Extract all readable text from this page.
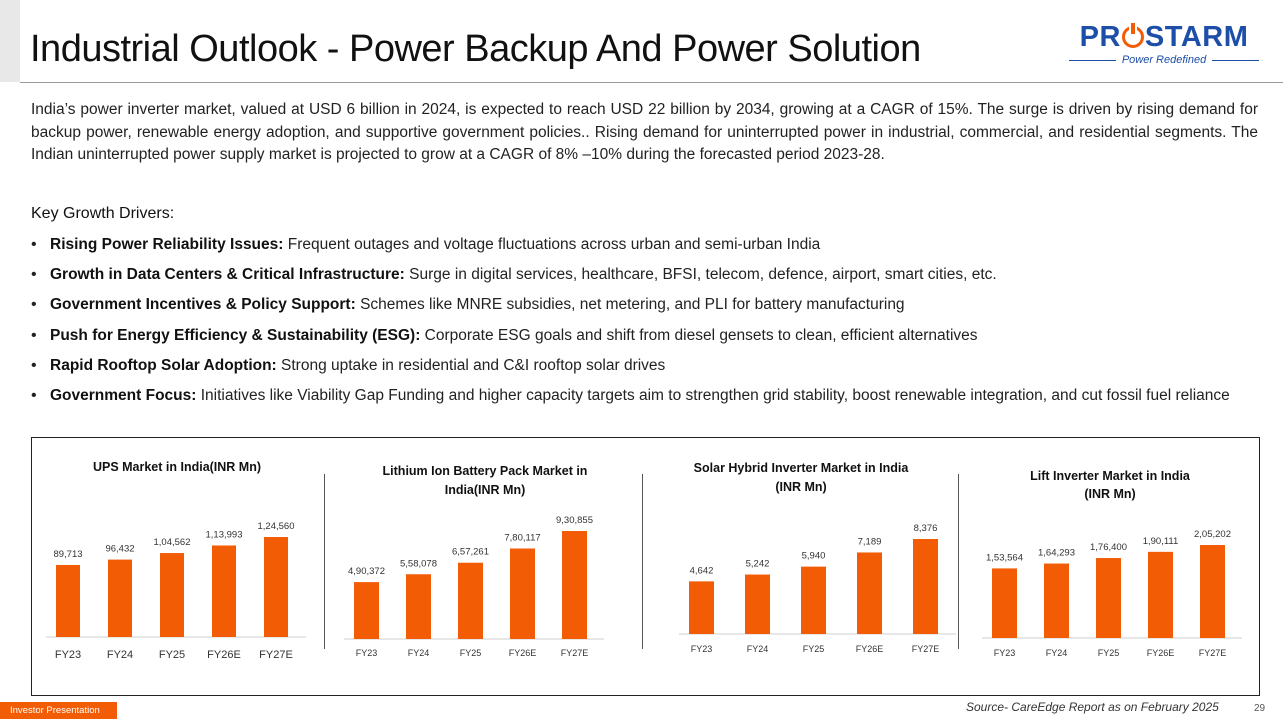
Industrial Outlook - Power Backup And Power Solution	PR STARM
Power Redefined

India’s power inverter market, valued at USD 6 billion in 2024, is expected to reach USD 22 billion by 2034, growing at a CAGR of 15%. The surge is driven by rising demand for backup power, renewable energy adoption, and supportive government policies.. Rising demand for uninterrupted power in industrial, commercial, and residential segments. The Indian uninterrupted power supply market is projected to grow at a CAGR of 8% –10% during the forecasted period 2023-28.

Key Growth Drivers:
• Rising Power Reliability Issues: Frequent outages and voltage fluctuations across urban and semi-urban India
• Growth in Data Centers & Critical Infrastructure: Surge in digital services, healthcare, BFSI, telecom, defence, airport, smart cities, etc.
• Government Incentives & Policy Support: Schemes like MNRE subsidies, net metering, and PLI for battery manufacturing
• Push for Energy Efficiency & Sustainability (ESG): Corporate ESG goals and shift from diesel gensets to clean, efficient alternatives
• Rapid Rooftop Solar Adoption: Strong uptake in residential and C&I rooftop solar drives
• Government Focus: Initiatives like Viability Gap Funding and higher capacity targets aim to strengthen grid stability, boost renewable integration, and cut fossil fuel reliance
UPS Market in India(INR Mn)
89,713
FY23
96,432
FY24
1,04,562
FY25
1,13,993
FY26E
1,24,560
FY27E
Lithium Ion Battery Pack Market in
India(INR Mn)
4,90,372
FY23
5,58,078
FY24
6,57,261
FY25
7,80,117
FY26E
9,30,855
FY27E
Solar Hybrid Inverter Market in India
(INR Mn)
4,642
FY23
5,242
FY24
5,940
FY25
7,189
FY26E
8,376
FY27E
Lift Inverter Market in India
(INR Mn)
1,53,564
FY23
1,64,293
FY24
1,76,400
FY25
1,90,111
FY26E
2,05,202
FY27E
Investor Presentation	Source- CareEdge Report as on February 2025	29
